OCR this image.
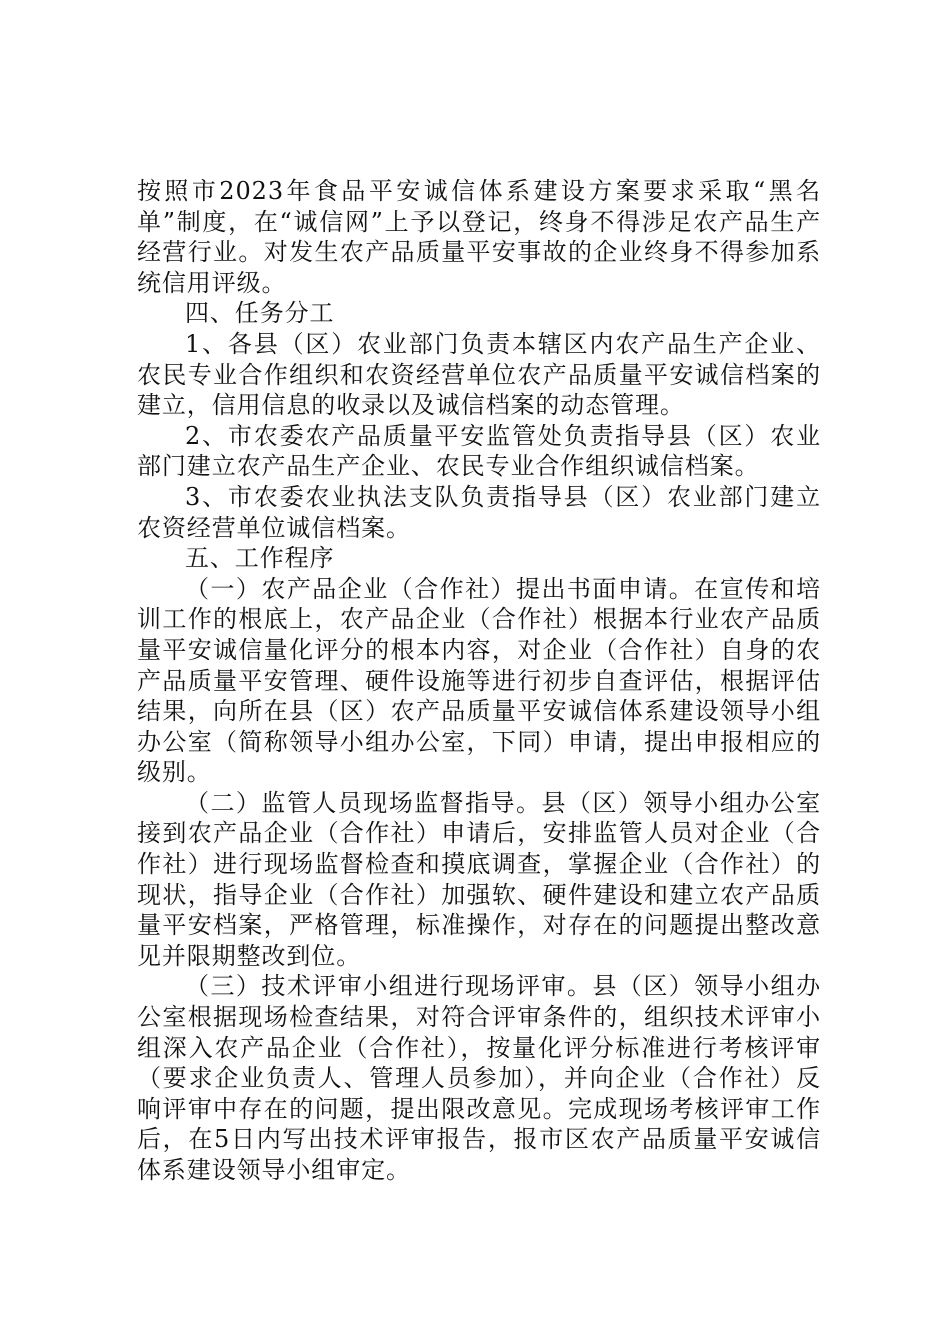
按照市2023年食品平安诚信体系建设方案要求采取“黑名单”制度，在“诚信网”上予以登记，终身不得涉足农产品生产经营行业。对发生农产品质量平安事故的企业终身不得参加系统信用评级。

四、任务分工

1、各县（区）农业部门负责本辖区内农产品生产企业、农民专业合作组织和农资经营单位农产品质量平安诚信档案的建立，信用信息的收录以及诚信档案的动态管理。

2、市农委农产品质量平安监管处负责指导县（区）农业部门建立农产品生产企业、农民专业合作组织诚信档案。

3、市农委农业执法支队负责指导县（区）农业部门建立农资经营单位诚信档案。

五、工作程序

（一）农产品企业（合作社）提出书面申请。在宣传和培训工作的根底上，农产品企业（合作社）根据本行业农产品质量平安诚信量化评分的根本内容，对企业（合作社）自身的农产品质量平安管理、硬件设施等进行初步自查评估，根据评估结果，向所在县（区）农产品质量平安诚信体系建设领导小组办公室（简称领导小组办公室，下同）申请，提出申报相应的级别。

（二）监管人员现场监督指导。县（区）领导小组办公室接到农产品企业（合作社）申请后，安排监管人员对企业（合作社）进行现场监督检查和摸底调查，掌握企业（合作社）的现状，指导企业（合作社）加强软、硬件建设和建立农产品质量平安档案，严格管理，标准操作，对存在的问题提出整改意见并限期整改到位。

（三）技术评审小组进行现场评审。县（区）领导小组办公室根据现场检查结果，对符合评审条件的，组织技术评审小组深入农产品企业（合作社），按量化评分标准进行考核评审（要求企业负责人、管理人员参加），并向企业（合作社）反响评审中存在的问题，提出限改意见。完成现场考核评审工作后，在5日内写出技术评审报告，报市区农产品质量平安诚信体系建设领导小组审定。
